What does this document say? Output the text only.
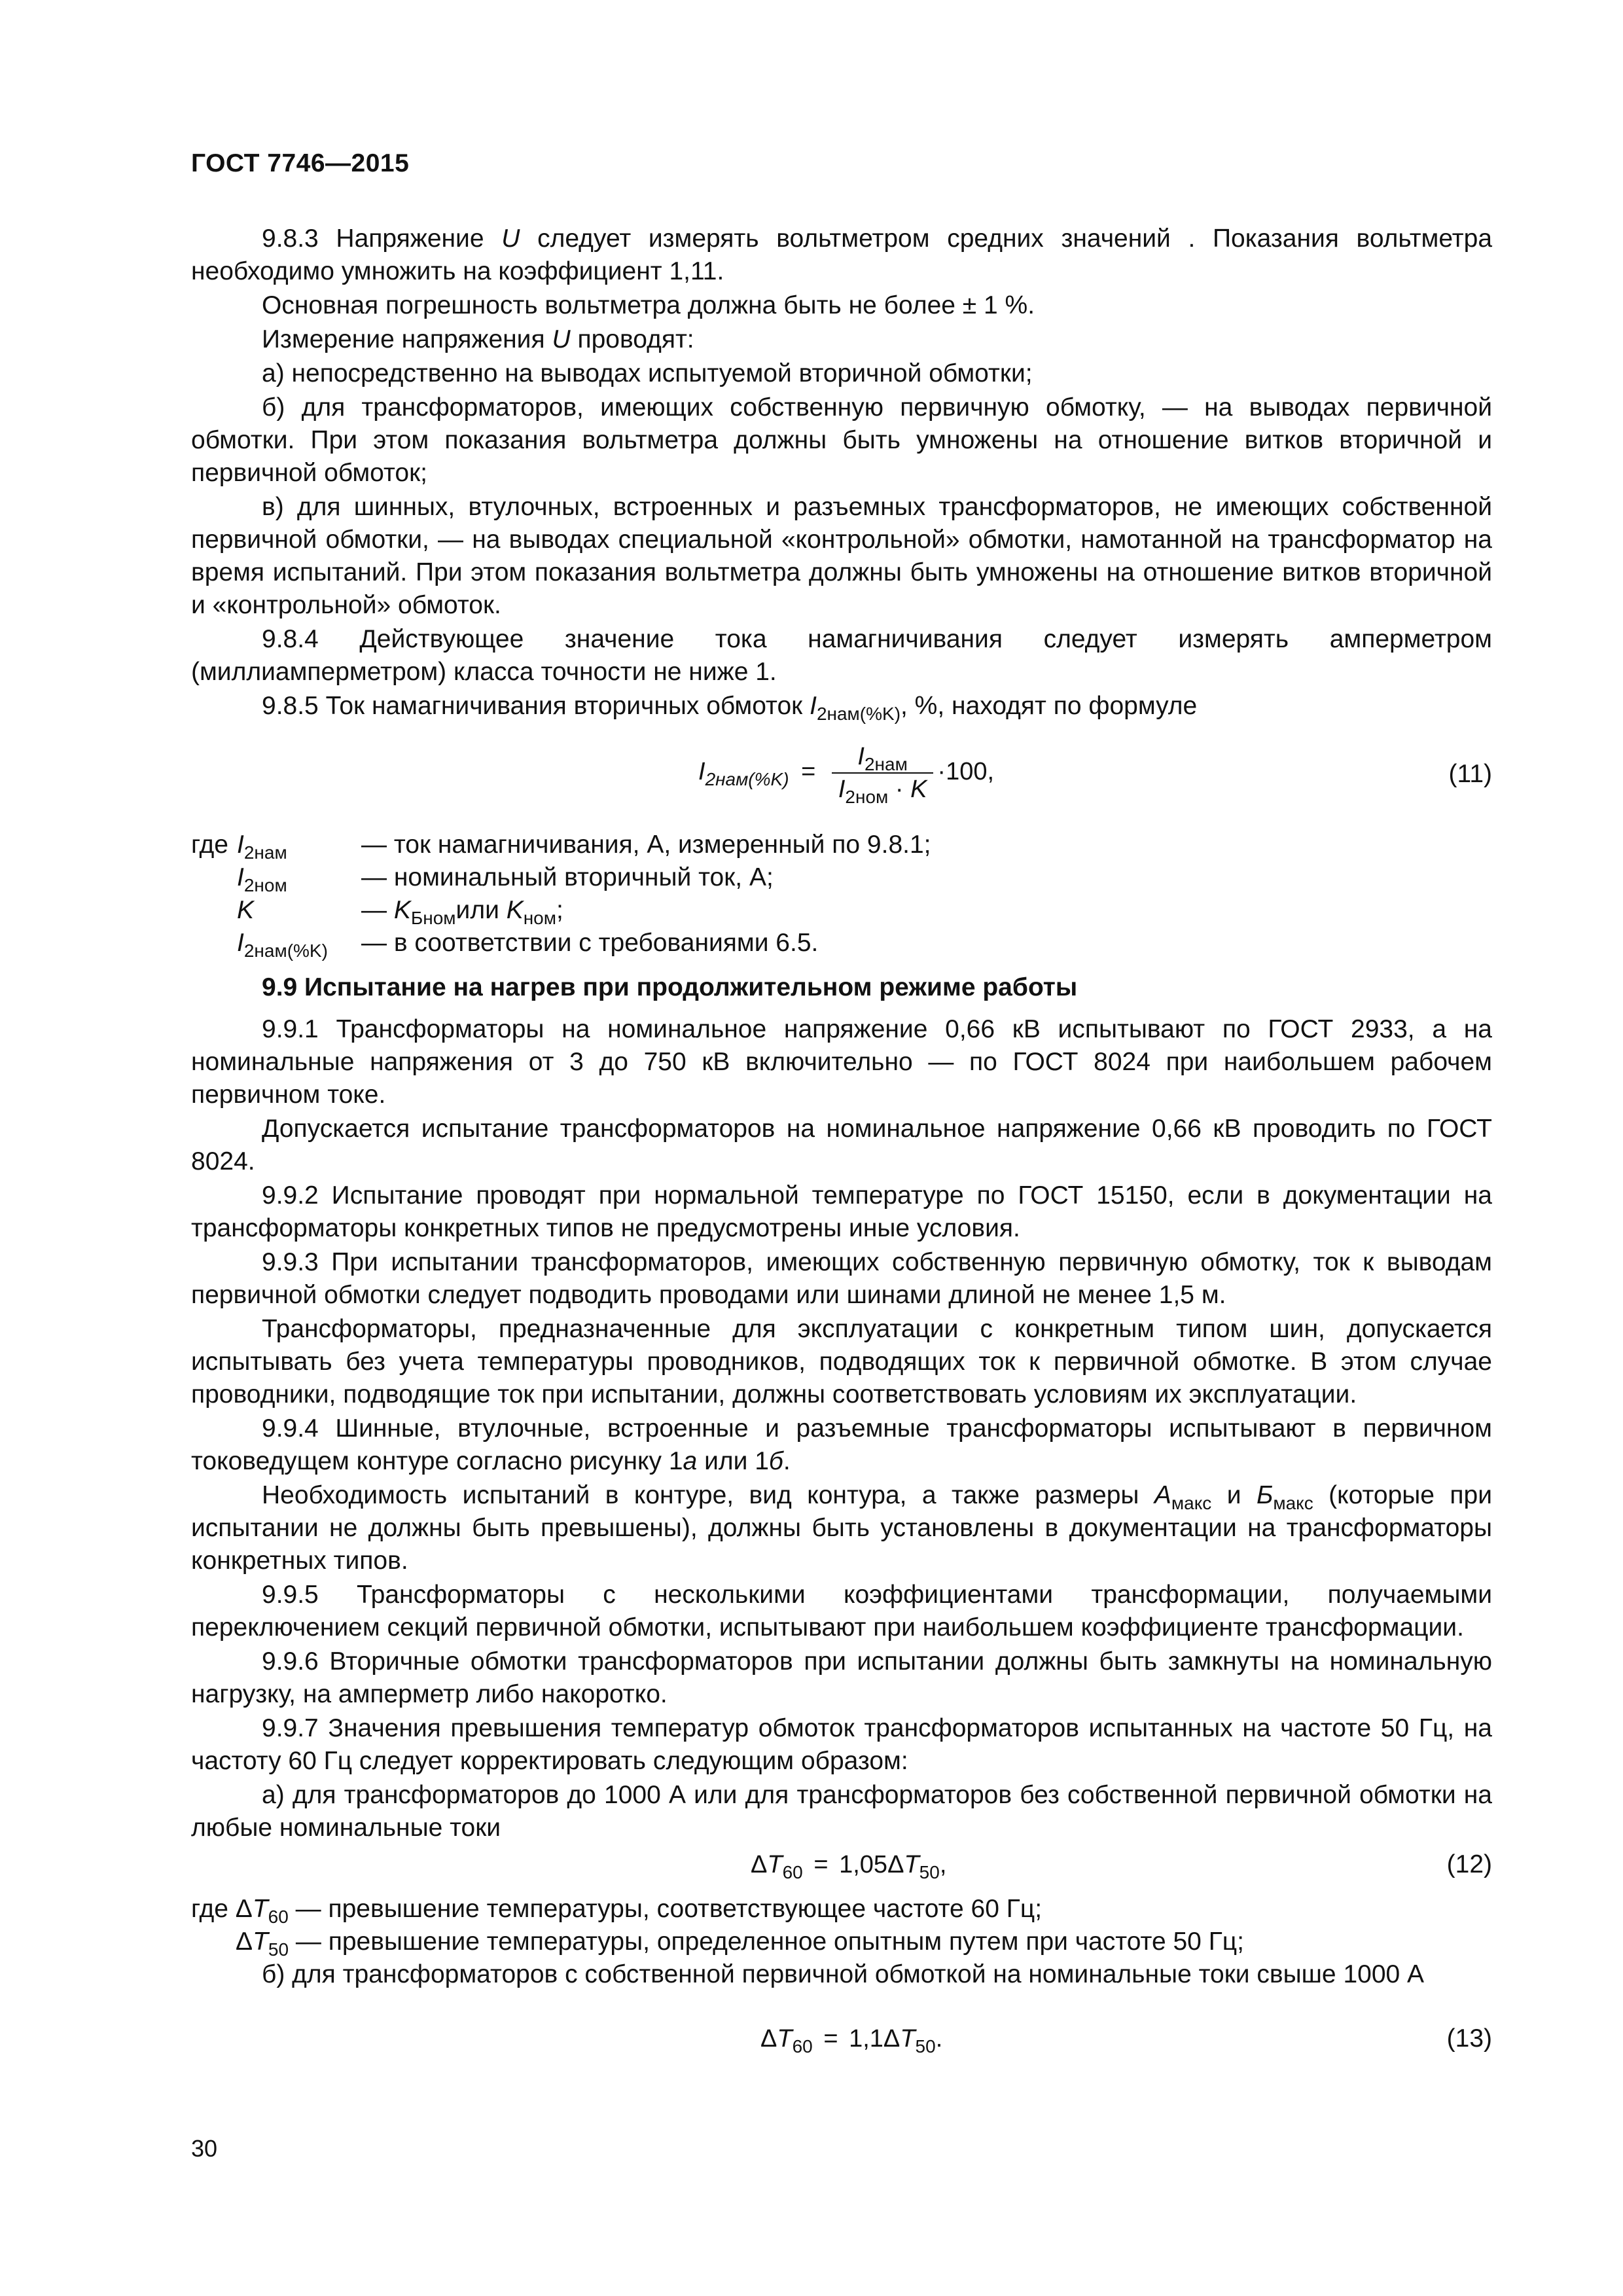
ГОСТ 7746—2015

9.8.3 Напряжение U следует измерять вольтметром средних значений . Показания вольтметра необходимо умножить на коэффициент 1,11.

Основная погрешность вольтметра должна быть не более ± 1 %.

Измерение напряжения U проводят:

а) непосредственно на выводах испытуемой вторичной обмотки;

б) для трансформаторов, имеющих собственную первичную обмотку, — на выводах первичной обмотки. При этом показания вольтметра должны быть умножены на отношение витков вторичной и первичной обмоток;

в) для шинных, втулочных, встроенных и разъемных трансформаторов, не имеющих собственной первичной обмотки, — на выводах специальной «контрольной» обмотки, намотанной на трансформатор на время испытаний. При этом показания вольтметра должны быть умножены на отношение витков вторичной и «контрольной» обмоток.

9.8.4 Действующее значение тока намагничивания следует измерять амперметром (миллиамперметром) класса точности не ниже 1.

9.8.5 Ток намагничивания вторичных обмоток $I_{2нам(\%K)}$, %, находят по формуле

$I_{2нам(\%K)} = \frac{I_{2нам}}{I_{2ном} \cdot K} \cdot 100$,	(11)
где $I_{2нам}$	— ток намагничивания, А, измеренный по 9.8.1;
$I_{2ном}$	— номинальный вторичный ток, А;
K	— $K_{Бном}или$ $K_{ном}$;
$I_{2нам(\%K)}$	— в соответствии с требованиями 6.5.

9.9 Испытание на нагрев при продолжительном режиме работы

9.9.1 Трансформаторы на номинальное напряжение 0,66 кВ испытывают по ГОСТ 2933, а на номинальные напряжения от 3 до 750 кВ включительно — по ГОСТ 8024 при наибольшем рабочем первичном токе.

Допускается испытание трансформаторов на номинальное напряжение 0,66 кВ проводить по ГОСТ 8024.

9.9.2 Испытание проводят при нормальной температуре по ГОСТ 15150, если в документации на трансформаторы конкретных типов не предусмотрены иные условия.

9.9.3 При испытании трансформаторов, имеющих собственную первичную обмотку, ток к выводам первичной обмотки следует подводить проводами или шинами длиной не менее 1,5 м.

Трансформаторы, предназначенные для эксплуатации с конкретным типом шин, допускается испытывать без учета температуры проводников, подводящих ток к первичной обмотке. В этом случае проводники, подводящие ток при испытании, должны соответствовать условиям их эксплуатации.

9.9.4 Шинные, втулочные, встроенные и разъемные трансформаторы испытывают в первичном токоведущем контуре согласно рисунку 1а или 1б.

Необходимость испытаний в контуре, вид контура, а также размеры $А_{макс}$ и $Б_{макс}$ (которые при испытании не должны быть превышены), должны быть установлены в документации на трансформаторы конкретных типов.

9.9.5 Трансформаторы с несколькими коэффициентами трансформации, получаемыми переключением секций первичной обмотки, испытывают при наибольшем коэффициенте трансформации.

9.9.6 Вторичные обмотки трансформаторов при испытании должны быть замкнуты на номинальную нагрузку, на амперметр либо накоротко.

9.9.7 Значения превышения температур обмоток трансформаторов испытанных на частоте 50 Гц, на частоту 60 Гц следует корректировать следующим образом:

а) для трансформаторов до 1000 А или для трансформаторов без собственной первичной обмотки на любые номинальные токи

$\Delta T_{60} = 1,05\Delta T_{50}$,	(12)
где $\Delta T_{60}$ — превышение температуры, соответствующее частоте 60 Гц;
$\Delta T_{50}$ — превышение температуры, определенное опытным путем при частоте 50 Гц;

б) для трансформаторов с собственной первичной обмоткой на номинальные токи свыше 1000 А

$\Delta T_{60} = 1,1\Delta T_{50}$.	(13)
30
